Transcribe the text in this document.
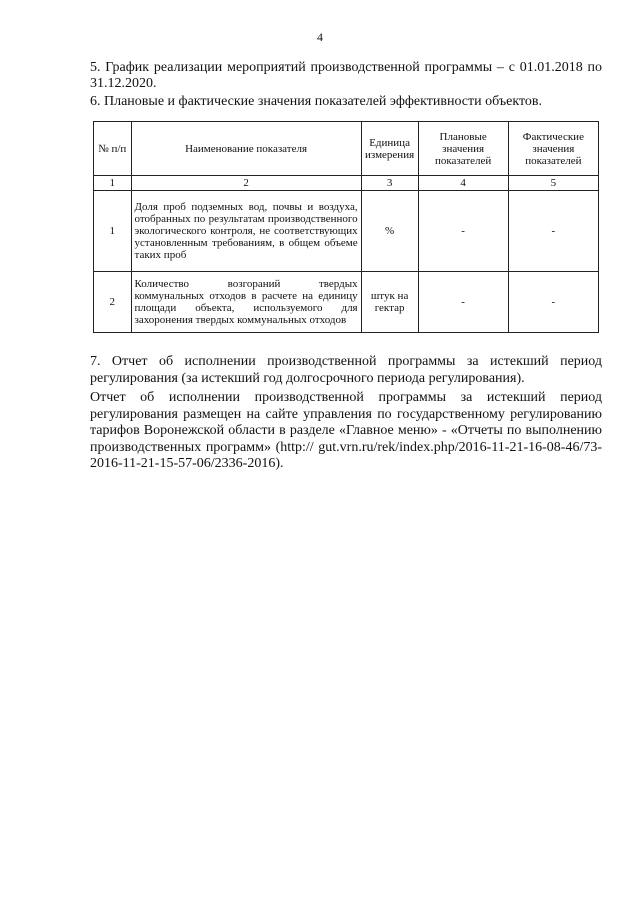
4
5. График реализации мероприятий производственной программы – с 01.01.2018 по 31.12.2020.
6. Плановые и фактические значения показателей эффективности объектов.
№ п/п	Наименование показателя	Единица измерения	Плановые значения показателей	Фактические значения показателей
1	2	3	4	5
1	Доля проб подземных вод, почвы и воздуха, отобранных по результатам производственного экологического контроля, не соответствующих установленным требованиям, в общем объеме таких проб	%	-	-
2	Количество возгораний твердых коммунальных отходов в расчете на единицу площади объекта, используемого для захоронения твердых коммунальных отходов	штук на гектар	-	-
7. Отчет об исполнении производственной программы за истекший период регулирования (за истекший год долгосрочного периода регулирования).
Отчет об исполнении производственной программы за истекший период регулирования размещен на сайте управления по государственному регулированию тарифов Воронежской области в разделе «Главное меню» - «Отчеты по выполнению производственных программ» (http:// gut.vrn.ru/rek/index.php/2016-11-21-16-08-46/73-2016-11-21-15-57-06/2336-2016).
